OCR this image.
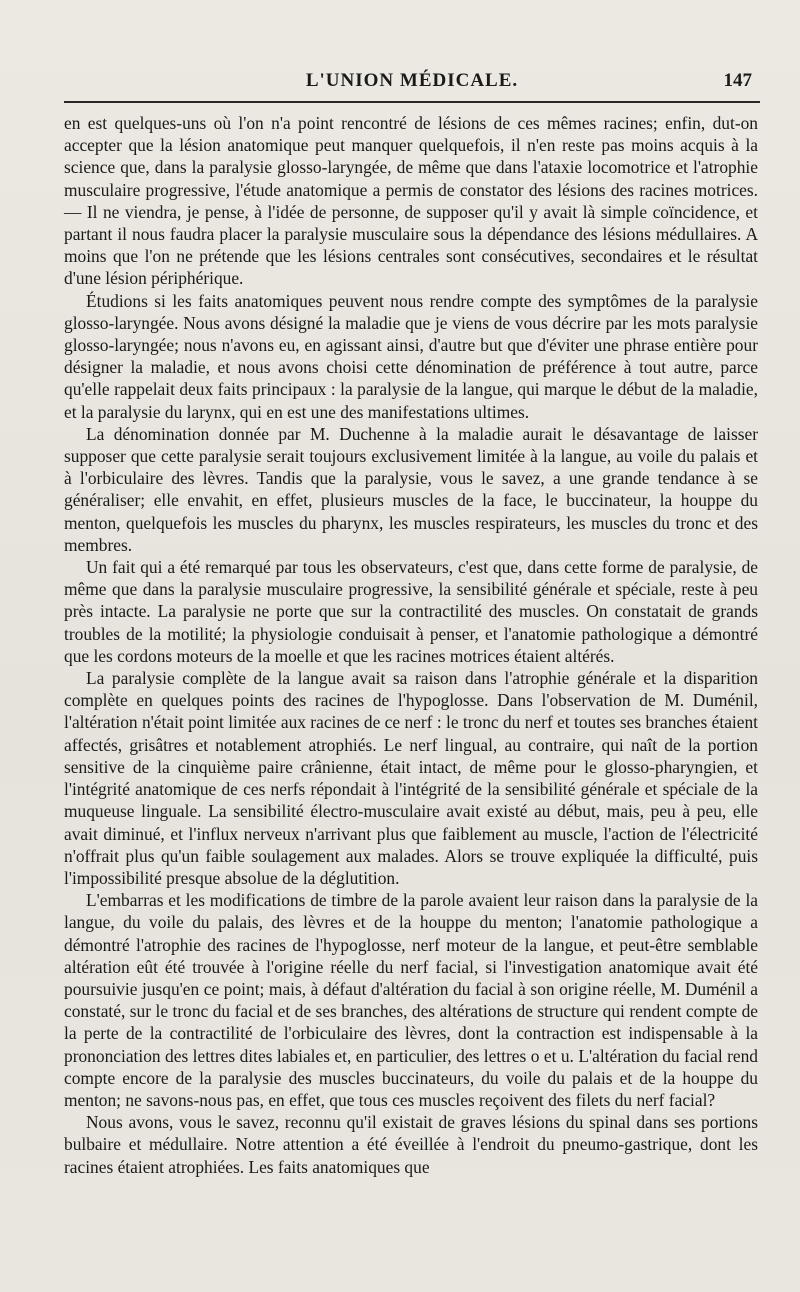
L'UNION MÉDICALE.	147

en est quelques-uns où l'on n'a point rencontré de lésions de ces mêmes racines; enfin, dut-on accepter que la lésion anatomique peut manquer quelquefois, il n'en reste pas moins acquis à la science que, dans la paralysie glosso-laryngée, de même que dans l'ataxie locomotrice et l'atrophie musculaire progressive, l'étude anatomique a permis de constator des lésions des racines motrices. — Il ne viendra, je pense, à l'idée de personne, de supposer qu'il y avait là simple coïncidence, et partant il nous faudra placer la paralysie musculaire sous la dépendance des lésions médullaires. A moins que l'on ne prétende que les lésions centrales sont consécutives, secondaires et le résultat d'une lésion périphérique.

Étudions si les faits anatomiques peuvent nous rendre compte des symptômes de la paralysie glosso-laryngée. Nous avons désigné la maladie que je viens de vous décrire par les mots paralysie glosso-laryngée; nous n'avons eu, en agissant ainsi, d'autre but que d'éviter une phrase entière pour désigner la maladie, et nous avons choisi cette dénomination de préférence à tout autre, parce qu'elle rappelait deux faits principaux : la paralysie de la langue, qui marque le début de la maladie, et la paralysie du larynx, qui en est une des manifestations ultimes.

La dénomination donnée par M. Duchenne à la maladie aurait le désavantage de laisser supposer que cette paralysie serait toujours exclusivement limitée à la langue, au voile du palais et à l'orbiculaire des lèvres. Tandis que la paralysie, vous le savez, a une grande tendance à se généraliser; elle envahit, en effet, plusieurs muscles de la face, le buccinateur, la houppe du menton, quelquefois les muscles du pharynx, les muscles respirateurs, les muscles du tronc et des membres.

Un fait qui a été remarqué par tous les observateurs, c'est que, dans cette forme de paralysie, de même que dans la paralysie musculaire progressive, la sensibilité générale et spéciale, reste à peu près intacte. La paralysie ne porte que sur la contractilité des muscles. On constatait de grands troubles de la motilité; la physiologie conduisait à penser, et l'anatomie pathologique a démontré que les cordons moteurs de la moelle et que les racines motrices étaient altérés.

La paralysie complète de la langue avait sa raison dans l'atrophie générale et la disparition complète en quelques points des racines de l'hypoglosse. Dans l'observation de M. Duménil, l'altération n'était point limitée aux racines de ce nerf : le tronc du nerf et toutes ses branches étaient affectés, grisâtres et notablement atrophiés. Le nerf lingual, au contraire, qui naît de la portion sensitive de la cinquième paire crânienne, était intact, de même pour le glosso-pharyngien, et l'intégrité anatomique de ces nerfs répondait à l'intégrité de la sensibilité générale et spéciale de la muqueuse linguale. La sensibilité électro-musculaire avait existé au début, mais, peu à peu, elle avait diminué, et l'influx nerveux n'arrivant plus que faiblement au muscle, l'action de l'électricité n'offrait plus qu'un faible soulagement aux malades. Alors se trouve expliquée la difficulté, puis l'impossibilité presque absolue de la déglutition.

L'embarras et les modifications de timbre de la parole avaient leur raison dans la paralysie de la langue, du voile du palais, des lèvres et de la houppe du menton; l'anatomie pathologique a démontré l'atrophie des racines de l'hypoglosse, nerf moteur de la langue, et peut-être semblable altération eût été trouvée à l'origine réelle du nerf facial, si l'investigation anatomique avait été poursuivie jusqu'en ce point; mais, à défaut d'altération du facial à son origine réelle, M. Duménil a constaté, sur le tronc du facial et de ses branches, des altérations de structure qui rendent compte de la perte de la contractilité de l'orbiculaire des lèvres, dont la contraction est indispensable à la prononciation des lettres dites labiales et, en particulier, des lettres o et u. L'altération du facial rend compte encore de la paralysie des muscles buccinateurs, du voile du palais et de la houppe du menton; ne savons-nous pas, en effet, que tous ces muscles reçoivent des filets du nerf facial?

Nous avons, vous le savez, reconnu qu'il existait de graves lésions du spinal dans ses portions bulbaire et médullaire. Notre attention a été éveillée à l'endroit du pneumo-gastrique, dont les racines étaient atrophiées. Les faits anatomiques que
